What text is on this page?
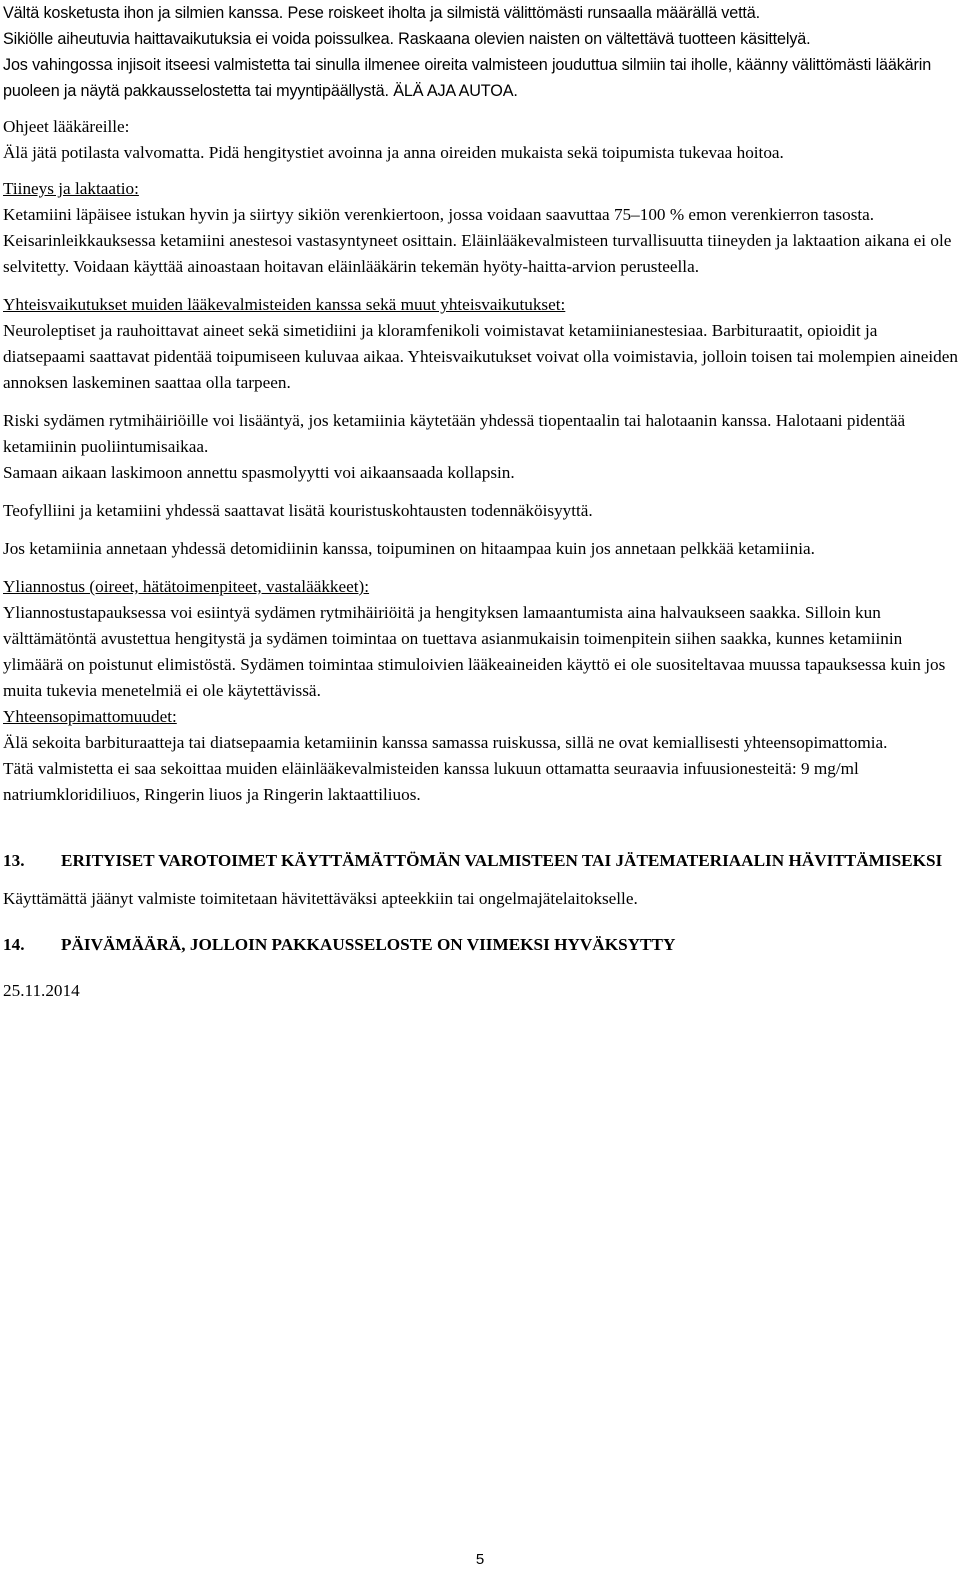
Vältä kosketusta ihon ja silmien kanssa. Pese roiskeet iholta ja silmistä välittömästi runsaalla määrällä vettä.

Sikiölle aiheutuvia haittavaikutuksia ei voida poissulkea. Raskaana olevien naisten on vältettävä tuotteen käsittelyä.

Jos vahingossa injisoit itseesi valmistetta tai sinulla ilmenee oireita valmisteen jouduttua silmiin tai iholle, käänny välittömästi lääkärin puoleen ja näytä pakkausselostetta tai myyntipäällystä. ÄLÄ AJA AUTOA.

Ohjeet lääkäreille:

Älä jätä potilasta valvomatta. Pidä hengitystiet avoinna ja anna oireiden mukaista sekä toipumista tukevaa hoitoa.

Tiineys ja laktaatio:

Ketamiini läpäisee istukan hyvin ja siirtyy sikiön verenkiertoon, jossa voidaan saavuttaa 75–100 % emon verenkierron tasosta. Keisarinleikkauksessa ketamiini anestesoi vastasyntyneet osittain. Eläinlääkevalmisteen turvallisuutta tiineyden ja laktaation aikana ei ole selvitetty. Voidaan käyttää ainoastaan hoitavan eläinlääkärin tekemän hyöty-haitta-arvion perusteella.

Yhteisvaikutukset muiden lääkevalmisteiden kanssa sekä muut yhteisvaikutukset:

Neuroleptiset ja rauhoittavat aineet sekä simetidiini ja kloramfenikoli voimistavat ketamiinianestesiaa. Barbituraatit, opioidit ja diatsepaami saattavat pidentää toipumiseen kuluvaa aikaa. Yhteisvaikutukset voivat olla voimistavia, jolloin toisen tai molempien aineiden annoksen laskeminen saattaa olla tarpeen.

Riski sydämen rytmihäiriöille voi lisääntyä, jos ketamiinia käytetään yhdessä tiopentaalin tai halotaanin kanssa. Halotaani pidentää ketamiinin puoliintumisaikaa.

Samaan aikaan laskimoon annettu spasmolyytti voi aikaansaada kollapsin.

Teofylliini ja ketamiini yhdessä saattavat lisätä kouristuskohtausten todennäköisyyttä.

Jos ketamiinia annetaan yhdessä detomidiinin kanssa, toipuminen on hitaampaa kuin jos annetaan pelkkää ketamiinia.

Yliannostus (oireet, hätätoimenpiteet, vastalääkkeet):

Yliannostustapauksessa voi esiintyä sydämen rytmihäiriöitä ja hengityksen lamaantumista aina halvaukseen saakka. Silloin kun välttämätöntä avustettua hengitystä ja sydämen toimintaa on tuettava asianmukaisin toimenpitein siihen saakka, kunnes ketamiinin ylimäärä on poistunut elimistöstä. Sydämen toimintaa stimuloivien lääkeaineiden käyttö ei ole suositeltavaa muussa tapauksessa kuin jos muita tukevia menetelmiä ei ole käytettävissä.

Yhteensopimattomuudet:

Älä sekoita barbituraatteja tai diatsepaamia ketamiinin kanssa samassa ruiskussa, sillä ne ovat kemiallisesti yhteensopimattomia.

Tätä valmistetta ei saa sekoittaa muiden eläinlääkevalmisteiden kanssa lukuun ottamatta seuraavia infuusionesteitä: 9 mg/ml natriumkloridiliuos, Ringerin liuos ja Ringerin laktaattiliuos.

13.	ERITYISET VAROTOIMET KÄYTTÄMÄTTÖMÄN VALMISTEEN TAI JÄTEMATERIAALIN HÄVITTÄMISEKSI

Käyttämättä jäänyt valmiste toimitetaan hävitettäväksi apteekkiin tai ongelmajätelaitokselle.

14.	PÄIVÄMÄÄRÄ, JOLLOIN PAKKAUSSELOSTE ON VIIMEKSI HYVÄKSYTTY

25.11.2014

5
